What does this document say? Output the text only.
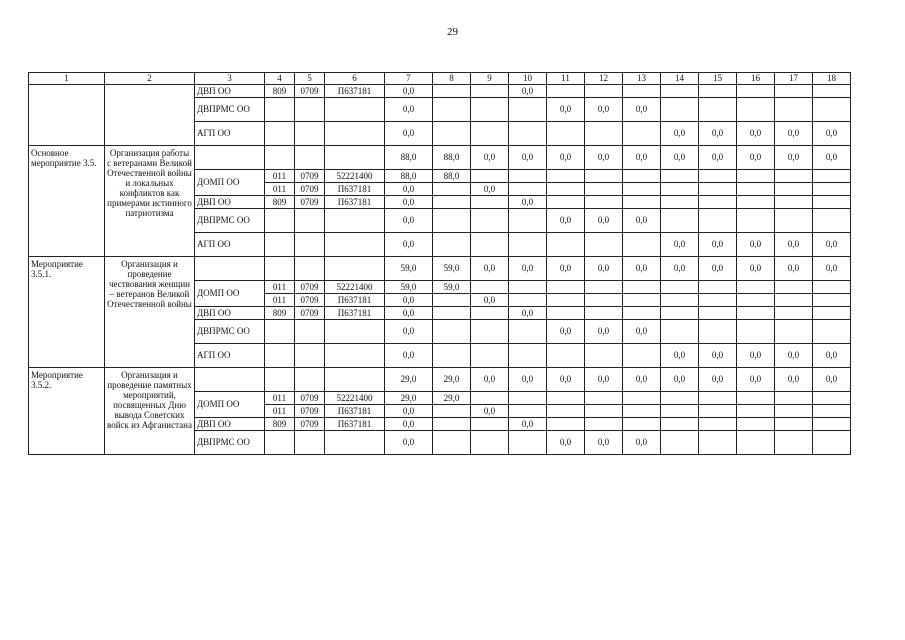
29
1	2	3	4	5	6	7	8	9	10	11	12	13	14	15	16	17	18
		ДВП ОО	809	0709	П637181	0,0			0,0								
		ДВПРМС ОО				0,0				0,0	0,0	0,0					
		АГП ОО				0,0							0,0	0,0	0,0	0,0	0,0
Основное мероприятие 3.5.	Организация работы с ветеранами Великой Отечественной войны и локальных конфликтов как примерами истинного патриотизма					88,0	88,0	0,0	0,0	0,0	0,0	0,0	0,0	0,0	0,0	0,0	0,0
		ДОМП ОО	011	0709	52221400	88,0	88,0										
			011	0709	П637181	0,0		0,0									
		ДВП ОО	809	0709	П637181	0,0			0,0								
		ДВПРМС ОО				0,0				0,0	0,0	0,0					
		АГП ОО				0,0							0,0	0,0	0,0	0,0	0,0
Мероприятие 3.5.1.	Организация и проведение чествования женщин – ветеранов Великой Отечественной войны					59,0	59,0	0,0	0,0	0,0	0,0	0,0	0,0	0,0	0,0	0,0	0,0
		ДОМП ОО	011	0709	52221400	59,0	59,0										
			011	0709	П637181	0,0		0,0									
		ДВП ОО	809	0709	П637181	0,0			0,0								
		ДВПРМС ОО				0,0				0,0	0,0	0,0					
		АГП ОО				0,0							0,0	0,0	0,0	0,0	0,0
Мероприятие 3.5.2.	Организация и проведение памятных мероприятий, посвященных Дню вывода Советских войск из Афганистана					29,0	29,0	0,0	0,0	0,0	0,0	0,0	0,0	0,0	0,0	0,0	0,0
		ДОМП ОО	011	0709	52221400	29,0	29,0										
			011	0709	П637181	0,0		0,0									
		ДВП ОО	809	0709	П637181	0,0			0,0								
		ДВПРМС ОО				0,0				0,0	0,0	0,0					
